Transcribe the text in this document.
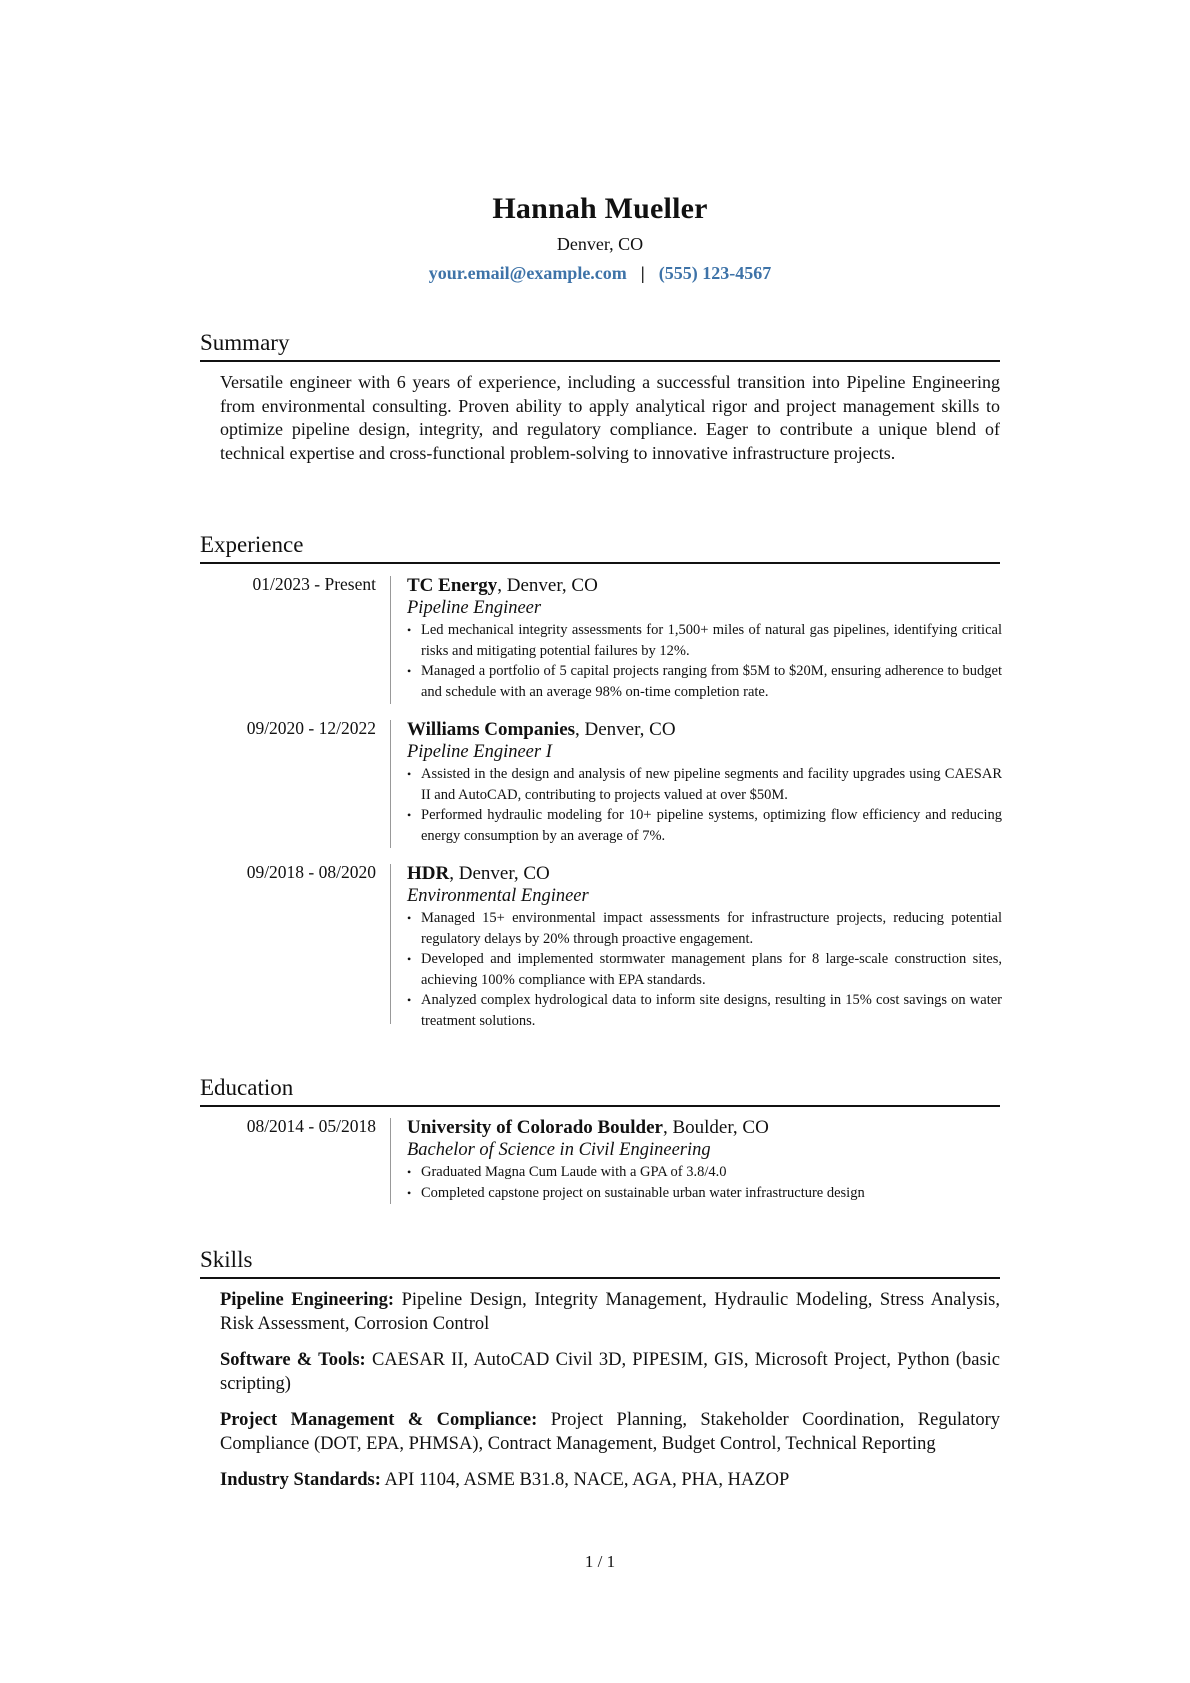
Hannah Mueller
Denver, CO
your.email@example.com | (555) 123-4567
Summary
Versatile engineer with 6 years of experience, including a successful transition into Pipeline Engineering from environmental consulting. Proven ability to apply analytical rigor and project management skills to optimize pipeline design, integrity, and regulatory compliance. Eager to contribute a unique blend of technical expertise and cross-functional problem-solving to innovative infrastructure projects.
Experience
01/2023 - Present TC Energy, Denver, CO
Pipeline Engineer
• Led mechanical integrity assessments for 1,500+ miles of natural gas pipelines, identifying critical risks and mitigating potential failures by 12%.
• Managed a portfolio of 5 capital projects ranging from $5M to $20M, ensuring adherence to budget and schedule with an average 98% on-time completion rate.
09/2020 - 12/2022 Williams Companies, Denver, CO
Pipeline Engineer I
• Assisted in the design and analysis of new pipeline segments and facility upgrades using CAESAR II and AutoCAD, contributing to projects valued at over $50M.
• Performed hydraulic modeling for 10+ pipeline systems, optimizing flow efficiency and reducing energy consumption by an average of 7%.
09/2018 - 08/2020 HDR, Denver, CO
Environmental Engineer
• Managed 15+ environmental impact assessments for infrastructure projects, reducing potential regulatory delays by 20% through proactive engagement.
• Developed and implemented stormwater management plans for 8 large-scale construction sites, achieving 100% compliance with EPA standards.
• Analyzed complex hydrological data to inform site designs, resulting in 15% cost savings on water treatment solutions.
Education
08/2014 - 05/2018 University of Colorado Boulder, Boulder, CO
Bachelor of Science in Civil Engineering
• Graduated Magna Cum Laude with a GPA of 3.8/4.0
• Completed capstone project on sustainable urban water infrastructure design
Skills
Pipeline Engineering: Pipeline Design, Integrity Management, Hydraulic Modeling, Stress Analysis, Risk Assessment, Corrosion Control
Software & Tools: CAESAR II, AutoCAD Civil 3D, PIPESIM, GIS, Microsoft Project, Python (basic scripting)
Project Management & Compliance: Project Planning, Stakeholder Coordination, Regulatory Compliance (DOT, EPA, PHMSA), Contract Management, Budget Control, Technical Reporting
Industry Standards: API 1104, ASME B31.8, NACE, AGA, PHA, HAZOP
1 / 1
